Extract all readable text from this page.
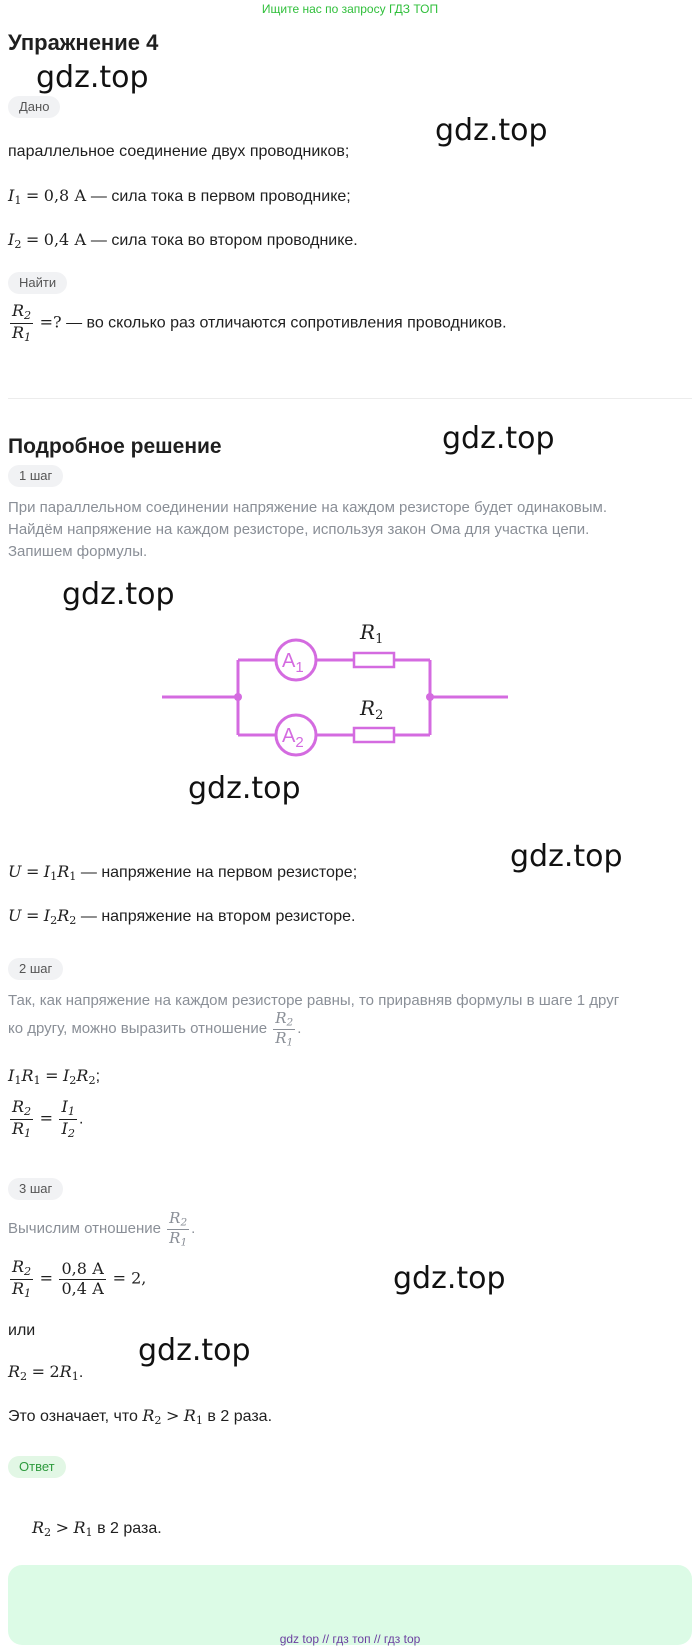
Ищите нас по запросу ГДЗ ТОП
Упражнение 4
gdz.top
gdz.top
gdz.top
gdz.top
gdz.top
gdz.top
gdz.top
gdz.top
Дано
параллельное соединение двух проводников;
$I_1 = 0,8$ А — сила тока в первом проводнике;
$I_2 = 0,4$ А — сила тока во втором проводнике.
Найти
$\frac{R_2}{R_1}$ =? — во сколько раз отличаются сопротивления проводников.
Подробное решение
1 шаг
При параллельном соединении напряжение на каждом резисторе будет одинаковым.
Найдём напряжение на каждом резисторе, используя закон Ома для участка цепи.
Запишем формулы.
$A_1$
$A_2$
$R_1$
$R_2$
$U = I_1R_1$ — напряжение на первом резисторе;
$U = I_2R_2$ — напряжение на втором резисторе.
2 шаг
Так, как напряжение на каждом резисторе равны, то приравняв формулы в шаге 1 друг
ко другу, можно выразить отношение $\frac{R_2}{R_1}$ .
$I_1R_1 = I_2R_2$;
$\frac{R_2}{R_1} = \frac{I_1}{I_2}$ .
3 шаг
Вычислим отношение $\frac{R_2}{R_1}$ .
$\frac{R_2}{R_1} = \frac{0,8 А}{0,4 А} = 2$,
или
$R_2 = 2R_1$.
Это означает, что $R_2 > R_1$ в 2 раза.
Ответ
$R_2 > R_1$ в 2 раза.
gdz top // гдз топ // гдз top
